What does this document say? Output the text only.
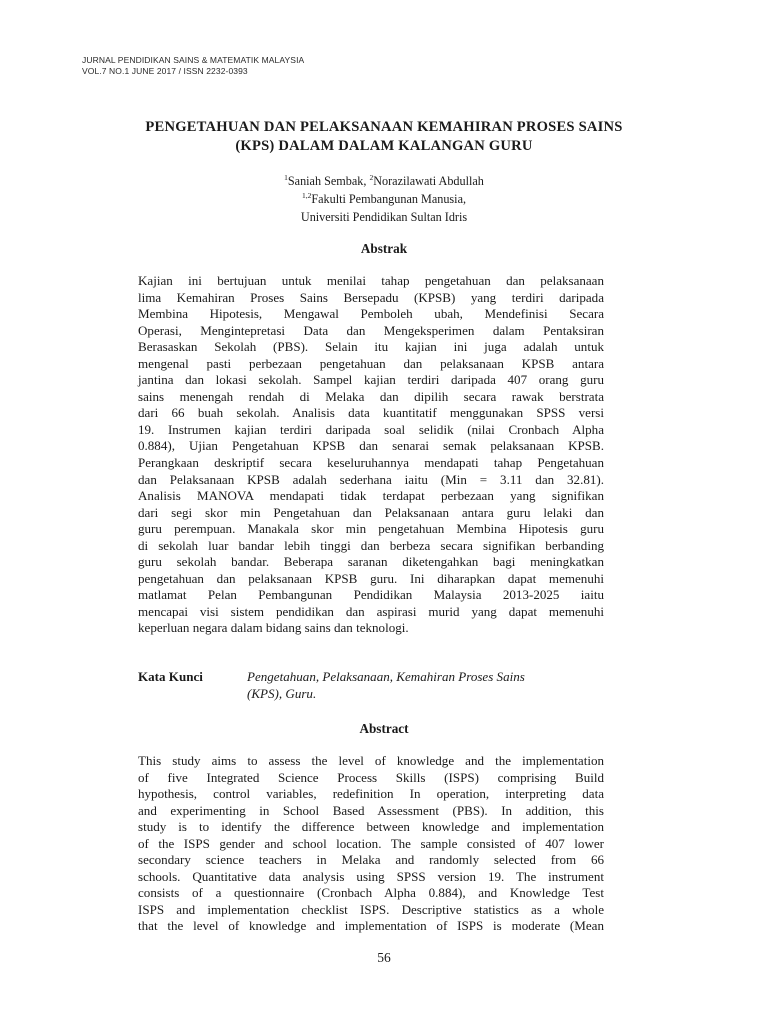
JURNAL PENDIDIKAN SAINS & MATEMATIK MALAYSIA
VOL.7 NO.1 JUNE 2017 / ISSN 2232-0393
PENGETAHUAN DAN PELAKSANAAN KEMAHIRAN PROSES SAINS
(KPS) DALAM DALAM KALANGAN GURU
$^1$Saniah Sembak, $^2$Norazilawati Abdullah
$^{1,2}$Fakulti Pembangunan Manusia,
Universiti Pendidikan Sultan Idris
Abstrak
Kajian ini bertujuan untuk menilai tahap pengetahuan dan pelaksanaan
lima Kemahiran Proses Sains Bersepadu (KPSB) yang terdiri daripada
Membina Hipotesis, Mengawal Pemboleh ubah, Mendefinisi Secara
Operasi, Mengintepretasi Data dan Mengeksperimen dalam Pentaksiran
Berasaskan Sekolah (PBS). Selain itu kajian ini juga adalah untuk
mengenal pasti perbezaan pengetahuan dan pelaksanaan KPSB antara
jantina dan lokasi sekolah. Sampel kajian terdiri daripada 407 orang guru
sains menengah rendah di Melaka dan dipilih secara rawak berstrata
dari 66 buah sekolah. Analisis data kuantitatif menggunakan SPSS versi
19. Instrumen kajian terdiri daripada soal selidik (nilai Cronbach Alpha
0.884), Ujian Pengetahuan KPSB dan senarai semak pelaksanaan KPSB.
Perangkaan deskriptif secara keseluruhannya mendapati tahap Pengetahuan
dan Pelaksanaan KPSB adalah sederhana iaitu (Min = 3.11 dan 32.81).
Analisis MANOVA mendapati tidak terdapat perbezaan yang signifikan
dari segi skor min Pengetahuan dan Pelaksanaan antara guru lelaki dan
guru perempuan. Manakala skor min pengetahuan Membina Hipotesis guru
di sekolah luar bandar lebih tinggi dan berbeza secara signifikan berbanding
guru sekolah bandar. Beberapa saranan diketengahkan bagi meningkatkan
pengetahuan dan pelaksanaan KPSB guru. Ini diharapkan dapat memenuhi
matlamat Pelan Pembangunan Pendidikan Malaysia 2013-2025 iaitu
mencapai visi sistem pendidikan dan aspirasi murid yang dapat memenuhi
keperluan negara dalam bidang sains dan teknologi.
Kata Kunci	Pengetahuan, Pelaksanaan, Kemahiran Proses Sains
(KPS), Guru.
Abstract
This study aims to assess the level of knowledge and the implementation
of five Integrated Science Process Skills (ISPS) comprising Build
hypothesis, control variables, redefinition In operation, interpreting data
and experimenting in School Based Assessment (PBS). In addition, this
study is to identify the difference between knowledge and implementation
of the ISPS gender and school location. The sample consisted of 407 lower
secondary science teachers in Melaka and randomly selected from 66
schools. Quantitative data analysis using SPSS version 19. The instrument
consists of a questionnaire (Cronbach Alpha 0.884), and Knowledge Test
ISPS and implementation checklist ISPS. Descriptive statistics as a whole
that the level of knowledge and implementation of ISPS is moderate (Mean
56
